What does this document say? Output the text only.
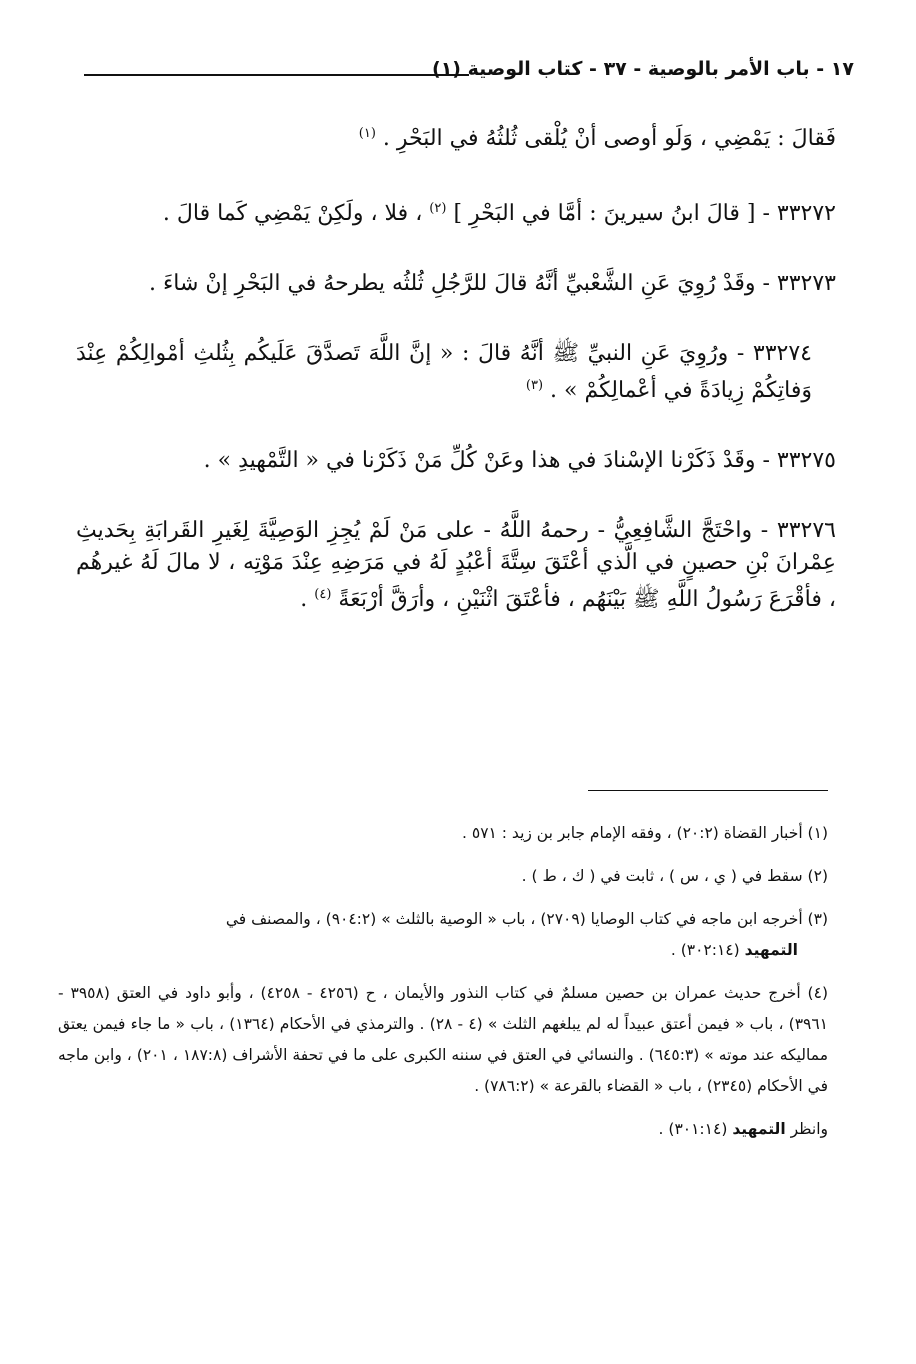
١٧ - باب الأمر بالوصية - ٣٧ - كتاب الوصية (١)

فَقالَ : يَمْضِي ، وَلَو أوصى أنْ يُلْقى ثُلثُهُ في البَحْرِ . $^{(١)}$

٣٣٢٧٢ - [ قالَ ابنُ سيرينَ : أمَّا في البَحْرِ ] $^{(٢)}$ ، فلا ، ولَكِنْ يَمْضِي كَما قالَ .

٣٣٢٧٣ - وقَدْ رُوِيَ عَنِ الشَّعْبيِّ أنَّهُ قالَ للرَّجُلِ ثُلثُه يطرحهُ في البَحْرِ إنْ شاءَ .

٣٣٢٧٤ - ورُوِيَ عَنِ النبيِّ ﷺ أنَّهُ قالَ : « إنَّ اللَّهَ تَصدَّقَ عَلَيكُم بِثُلثِ أمْوالِكُمْ عِنْدَ وَفاتِكُمْ زِيادَةً في أعْمالِكُمْ » . $^{(٣)}$

٣٣٢٧٥ - وقَدْ ذَكَرْنا الإسْنادَ في هذا وعَنْ كُلِّ مَنْ ذَكَرْنا في « التَّمْهيدِ » .

٣٣٢٧٦ - واحْتَجَّ الشَّافِعِيُّ - رحمهُ اللَّهُ - على مَنْ لَمْ يُجِزِ الوَصِيَّةَ لِغَيرِ القَرابَةِ بِحَديثِ عِمْرانَ بْنِ حصينٍ في الَّذي أعْتَقَ سِتَّةَ أعْبُدٍ لَهُ في مَرَضِهِ عِنْدَ مَوْتِه ، لا مالَ لَهُ غيرهُم ، فأقْرَعَ رَسُولُ اللَّهِ ﷺ بَيْنَهُم ، فأعْتَقَ اثْنَيْنِ ، وأرَقَّ أرْبَعَةً $^{(٤)}$ .

(١) أخبار القضاة (٢٠:٢) ، وفقه الإمام جابر بن زيد : ٥٧١ .

(٢) سقط في ( ي ، س ) ، ثابت في ( ك ، ط ) .

(٣) أخرجه ابن ماجه في كتاب الوصايا (٢٧٠٩) ، باب « الوصية بالثلث » (٩٠٤:٢) ، والمصنف في
التمهيد (٣٠٢:١٤) .

(٤) أخرج حديث عمران بن حصين مسلمٌ في كتاب النذور والأيمان ، ح (٤٢٥٦ - ٤٢٥٨) ، وأبو داود في العتق (٣٩٥٨ - ٣٩٦١) ، باب « فيمن أعتق عبيداً له لم يبلغهم الثلث » (٤ - ٢٨) . والترمذي في الأحكام (١٣٦٤) ، باب « ما جاء فيمن يعتق مماليكه عند موته » (٦٤٥:٣) . والنسائي في العتق في سننه الكبرى على ما في تحفة الأشراف (١٨٧:٨ ، ٢٠١) ، وابن ماجه في الأحكام (٢٣٤٥) ، باب « القضاء بالقرعة » (٧٨٦:٢) .

وانظر التمهيد (٣٠١:١٤) .
